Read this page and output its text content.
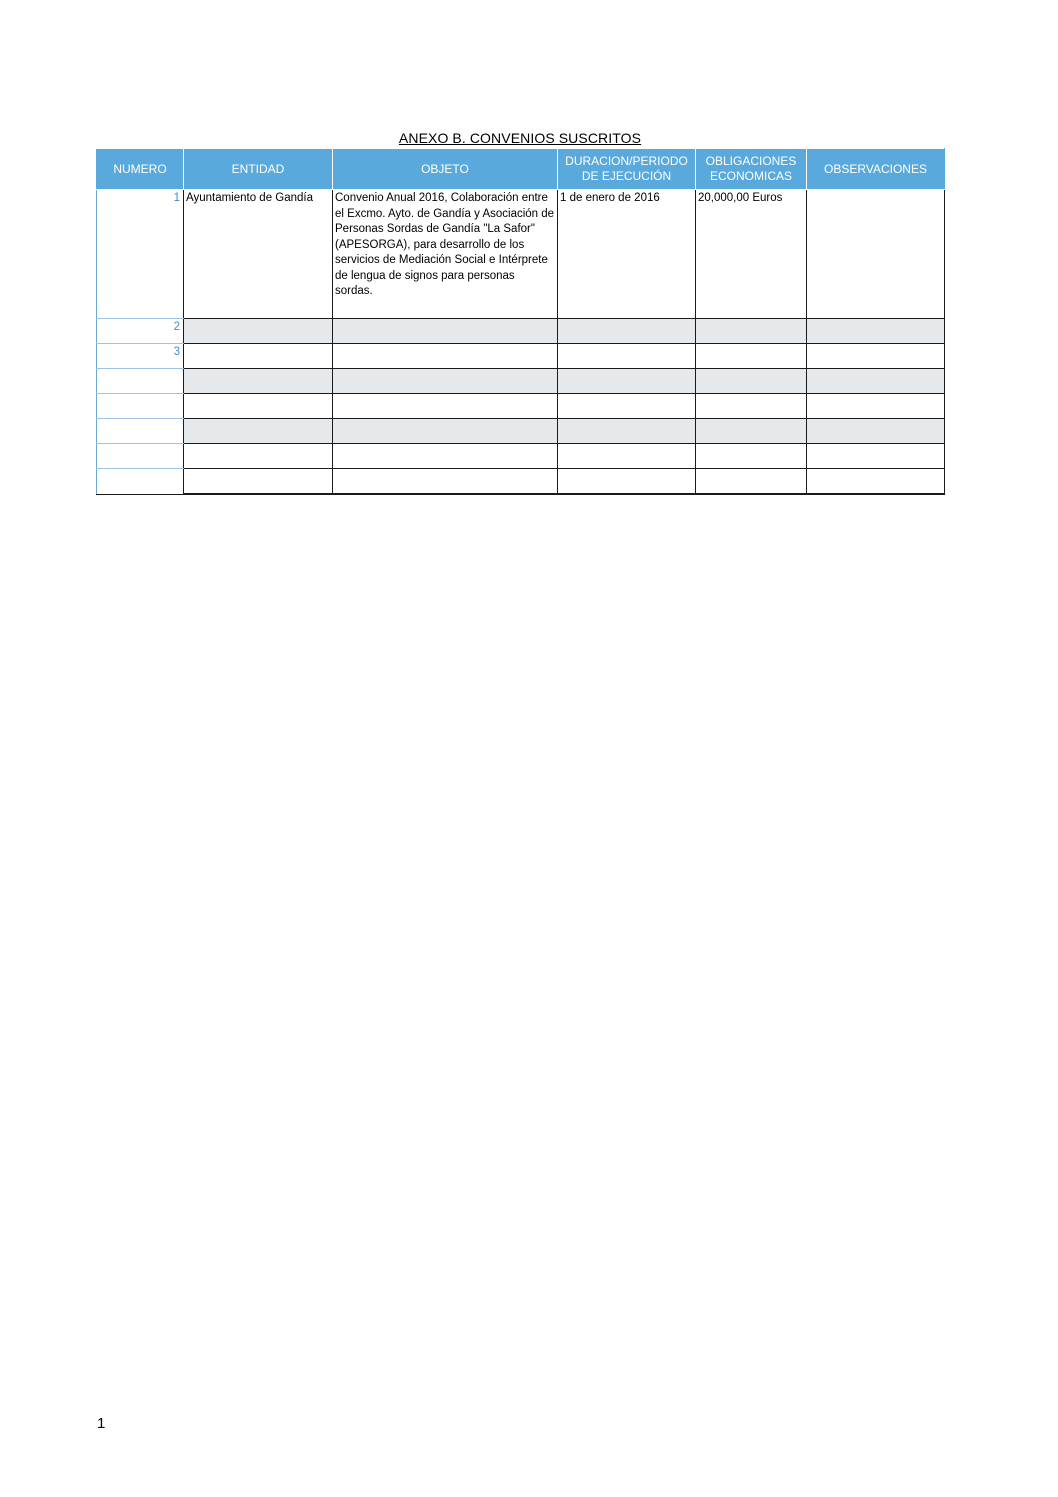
ANEXO B. CONVENIOS SUSCRITOS
NUMERO	ENTIDAD	OBJETO	DURACION/PERIODO DE EJECUCIÓN	OBLIGACIONES ECONOMICAS	OBSERVACIONES
1	Ayuntamiento de Gandía	Convenio Anual 2016, Colaboración entre el Excmo. Ayto. de Gandía y Asociación de Personas Sordas de Gandía "La Safor" (APESORGA), para desarrollo de los servicios de Mediación Social e Intérprete de lengua de signos para personas sordas.	1 de enero de 2016	20,000,00 Euros	
2					
3					

1
